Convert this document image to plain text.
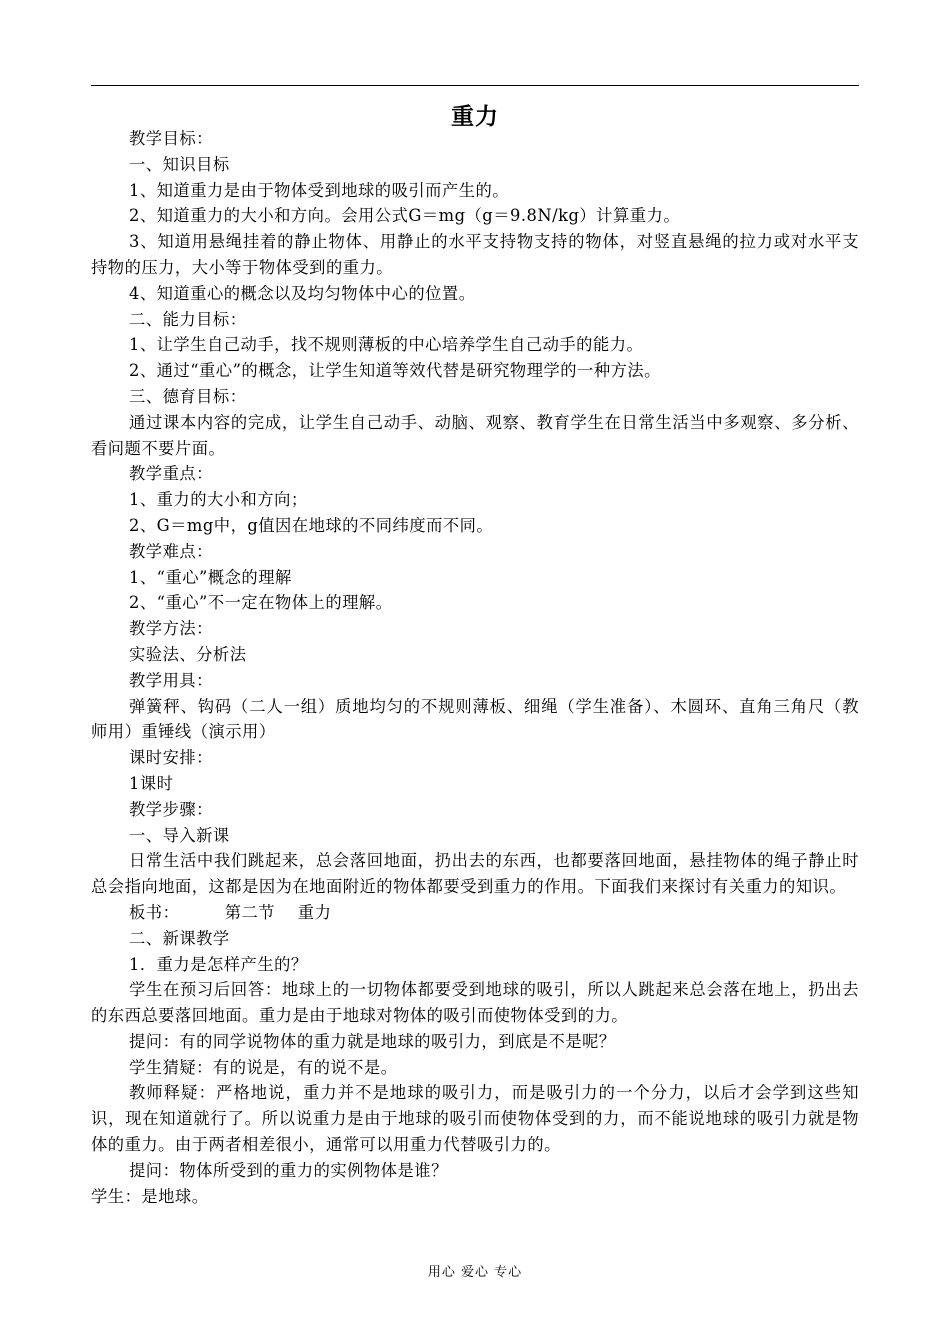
重力

教学目标：

一、知识目标

1、知道重力是由于物体受到地球的吸引而产生的。

2、知道重力的大小和方向。会用公式G＝mg（g＝9.8N/kg）计算重力。

3、知道用悬绳挂着的静止物体、用静止的水平支持物支持的物体，对竖直悬绳的拉力或对水平支持物的压力，大小等于物体受到的重力。

4、知道重心的概念以及均匀物体中心的位置。

二、能力目标：

1、让学生自己动手，找不规则薄板的中心培养学生自己动手的能力。

2、通过“重心”的概念，让学生知道等效代替是研究物理学的一种方法。

三、德育目标：

通过课本内容的完成，让学生自己动手、动脑、观察、教育学生在日常生活当中多观察、多分析、看问题不要片面。

教学重点：

1、重力的大小和方向；

2、G＝mg中，g值因在地球的不同纬度而不同。

教学难点：

1、“重心”概念的理解

2、“重心”不一定在物体上的理解。

教学方法：

实验法、分析法

教学用具：

弹簧秤、钩码（二人一组）质地均匀的不规则薄板、细绳（学生准备）、木圆环、直角三角尺（教师用）重锤线（演示用）

课时安排：

1课时

教学步骤：

一、导入新课

日常生活中我们跳起来，总会落回地面，扔出去的东西，也都要落回地面，悬挂物体的绳子静止时总会指向地面，这都是因为在地面附近的物体都要受到重力的作用。下面我们来探讨有关重力的知识。

板书：        第二节    重力

二、新课教学

1．重力是怎样产生的？

学生在预习后回答：地球上的一切物体都要受到地球的吸引，所以人跳起来总会落在地上，扔出去的东西总要落回地面。重力是由于地球对物体的吸引而使物体受到的力。

提问：有的同学说物体的重力就是地球的吸引力，到底是不是呢？

学生猜疑：有的说是，有的说不是。

教师释疑：严格地说，重力并不是地球的吸引力，而是吸引力的一个分力，以后才会学到这些知识，现在知道就行了。所以说重力是由于地球的吸引而使物体受到的力，而不能说地球的吸引力就是物体的重力。由于两者相差很小，通常可以用重力代替吸引力的。

提问：物体所受到的重力的实例物体是谁？

学生：是地球。

用心 爱心 专心
